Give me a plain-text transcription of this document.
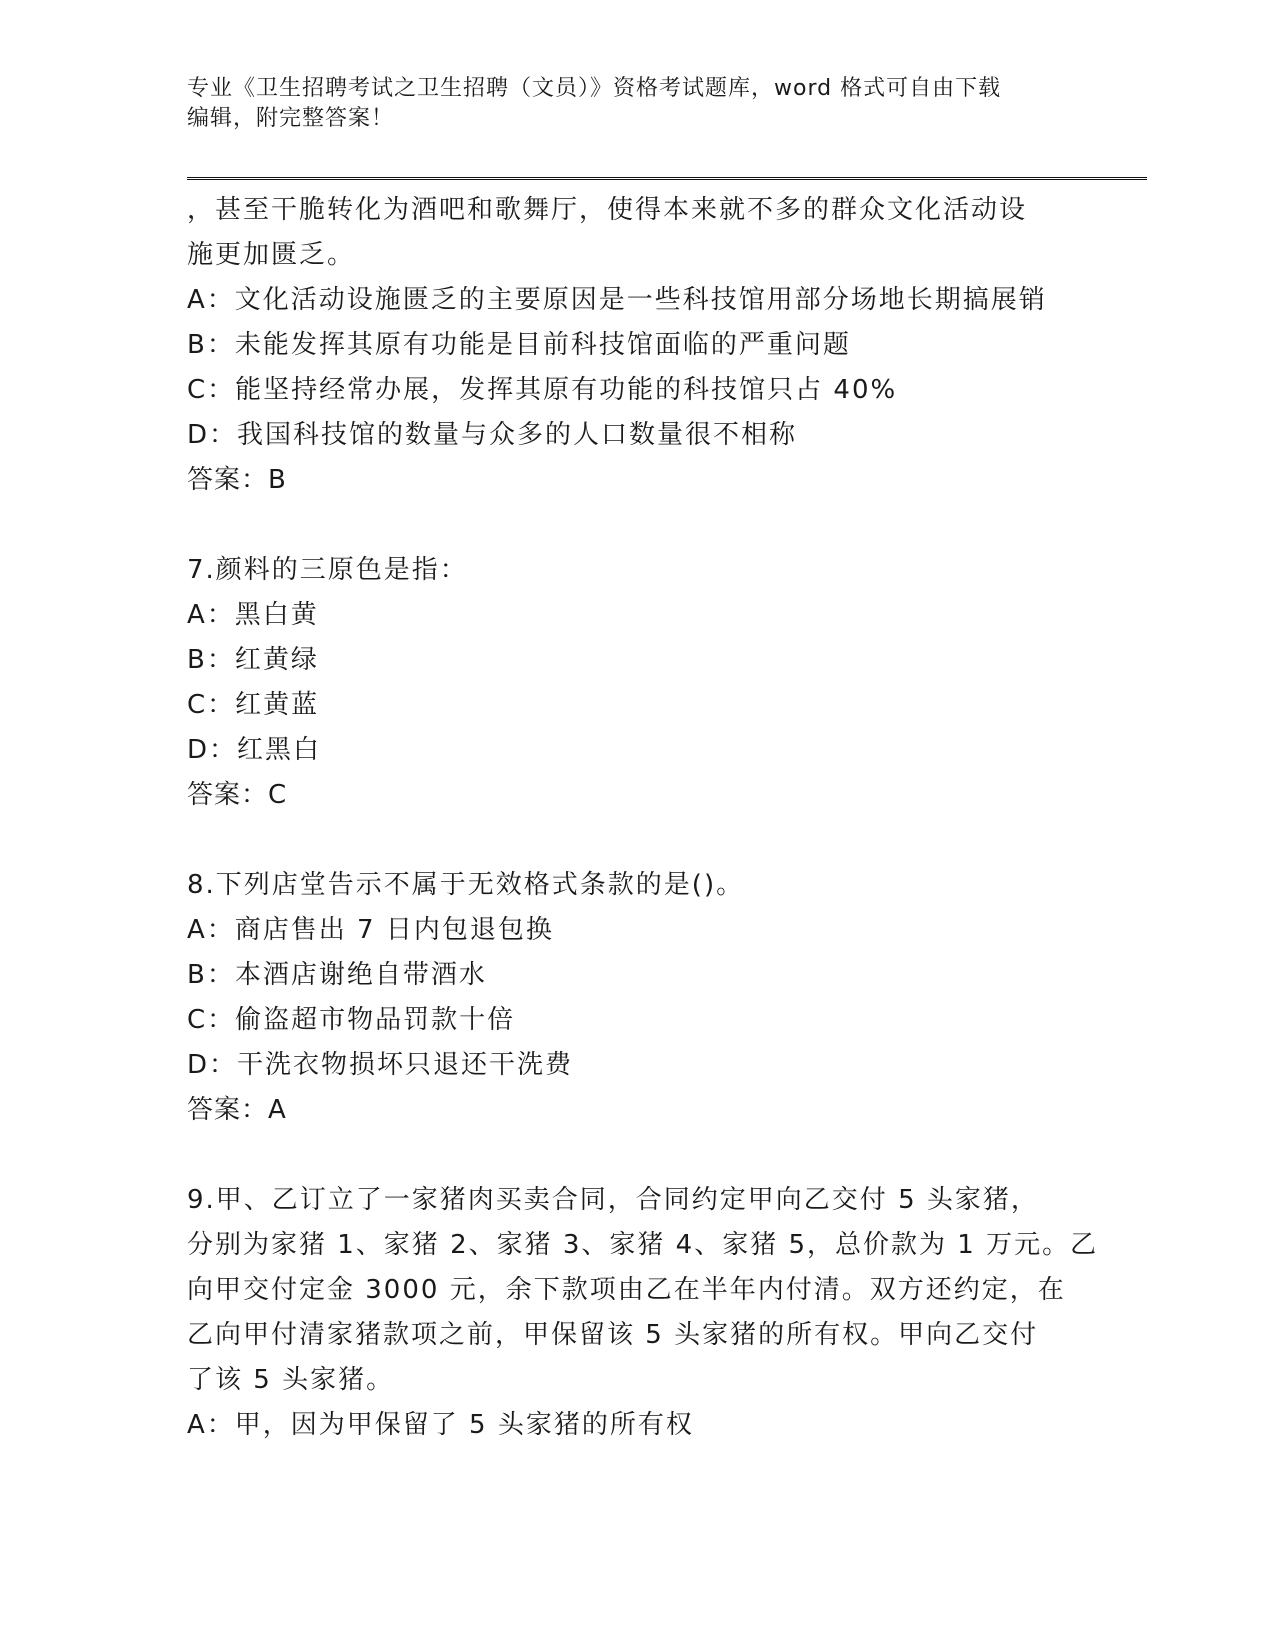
专业《卫生招聘考试之卫生招聘（文员）》资格考试题库，word 格式可自由下载
编辑，附完整答案！

，甚至干脆转化为酒吧和歌舞厅，使得本来就不多的群众文化活动设

施更加匮乏。

A：文化活动设施匮乏的主要原因是一些科技馆用部分场地长期搞展销

B：未能发挥其原有功能是目前科技馆面临的严重问题

C：能坚持经常办展，发挥其原有功能的科技馆只占 40%

D：我国科技馆的数量与众多的人口数量很不相称

答案：B

7.颜料的三原色是指：

A：黑白黄

B：红黄绿

C：红黄蓝

D：红黑白

答案：C

8.下列店堂告示不属于无效格式条款的是()。

A：商店售出 7 日内包退包换

B：本酒店谢绝自带酒水

C：偷盗超市物品罚款十倍

D：干洗衣物损坏只退还干洗费

答案：A

9.甲、乙订立了一家猪肉买卖合同，合同约定甲向乙交付 5 头家猪，

分别为家猪 1、家猪 2、家猪 3、家猪 4、家猪 5，总价款为 1 万元。乙

向甲交付定金 3000 元，余下款项由乙在半年内付清。双方还约定，在

乙向甲付清家猪款项之前，甲保留该 5 头家猪的所有权。甲向乙交付

了该 5 头家猪。

A：甲，因为甲保留了 5 头家猪的所有权
